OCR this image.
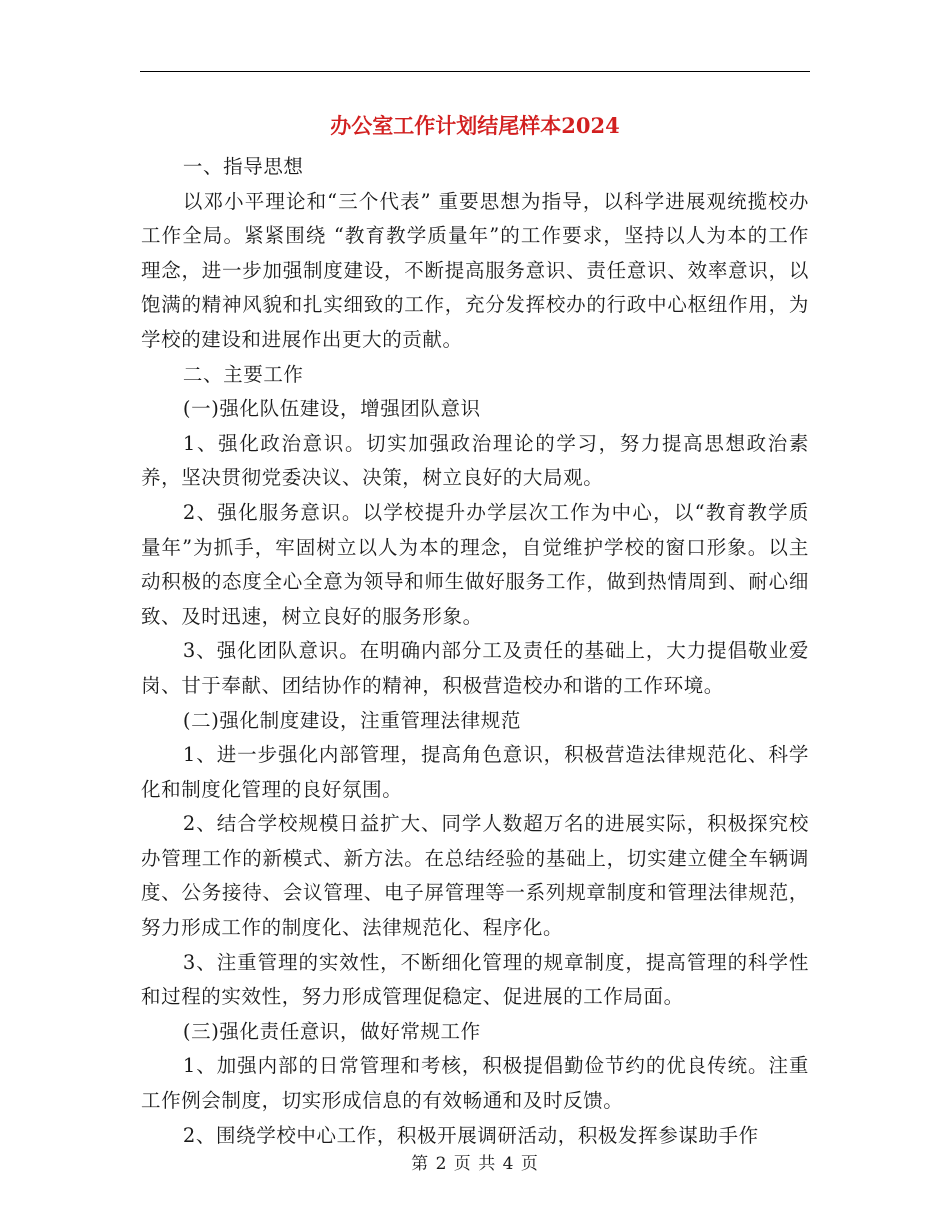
办公室工作计划结尾样本2024

一、指导思想

以邓小平理论和“三个代表” 重要思想为指导，以科学进展观统揽校办工作全局。紧紧围绕 “教育教学质量年”的工作要求，坚持以人为本的工作理念，进一步加强制度建设，不断提高服务意识、责任意识、效率意识，以饱满的精神风貌和扎实细致的工作，充分发挥校办的行政中心枢纽作用，为学校的建设和进展作出更大的贡献。

二、主要工作

(一)强化队伍建设，增强团队意识

1、强化政治意识。切实加强政治理论的学习，努力提高思想政治素养，坚决贯彻党委决议、决策，树立良好的大局观。

2、强化服务意识。以学校提升办学层次工作为中心，以“教育教学质量年”为抓手，牢固树立以人为本的理念，自觉维护学校的窗口形象。以主动积极的态度全心全意为领导和师生做好服务工作，做到热情周到、耐心细致、及时迅速，树立良好的服务形象。

3、强化团队意识。在明确内部分工及责任的基础上，大力提倡敬业爱岗、甘于奉献、团结协作的精神，积极营造校办和谐的工作环境。

(二)强化制度建设，注重管理法律规范

1、进一步强化内部管理，提高角色意识，积极营造法律规范化、科学化和制度化管理的良好氛围。

2、结合学校规模日益扩大、同学人数超万名的进展实际，积极探究校办管理工作的新模式、新方法。在总结经验的基础上，切实建立健全车辆调度、公务接待、会议管理、电子屏管理等一系列规章制度和管理法律规范，努力形成工作的制度化、法律规范化、程序化。

3、注重管理的实效性，不断细化管理的规章制度，提高管理的科学性和过程的实效性，努力形成管理促稳定、促进展的工作局面。

(三)强化责任意识，做好常规工作

1、加强内部的日常管理和考核，积极提倡勤俭节约的优良传统。注重工作例会制度，切实形成信息的有效畅通和及时反馈。

2、围绕学校中心工作，积极开展调研活动，积极发挥参谋助手作

第 2 页 共 4 页
